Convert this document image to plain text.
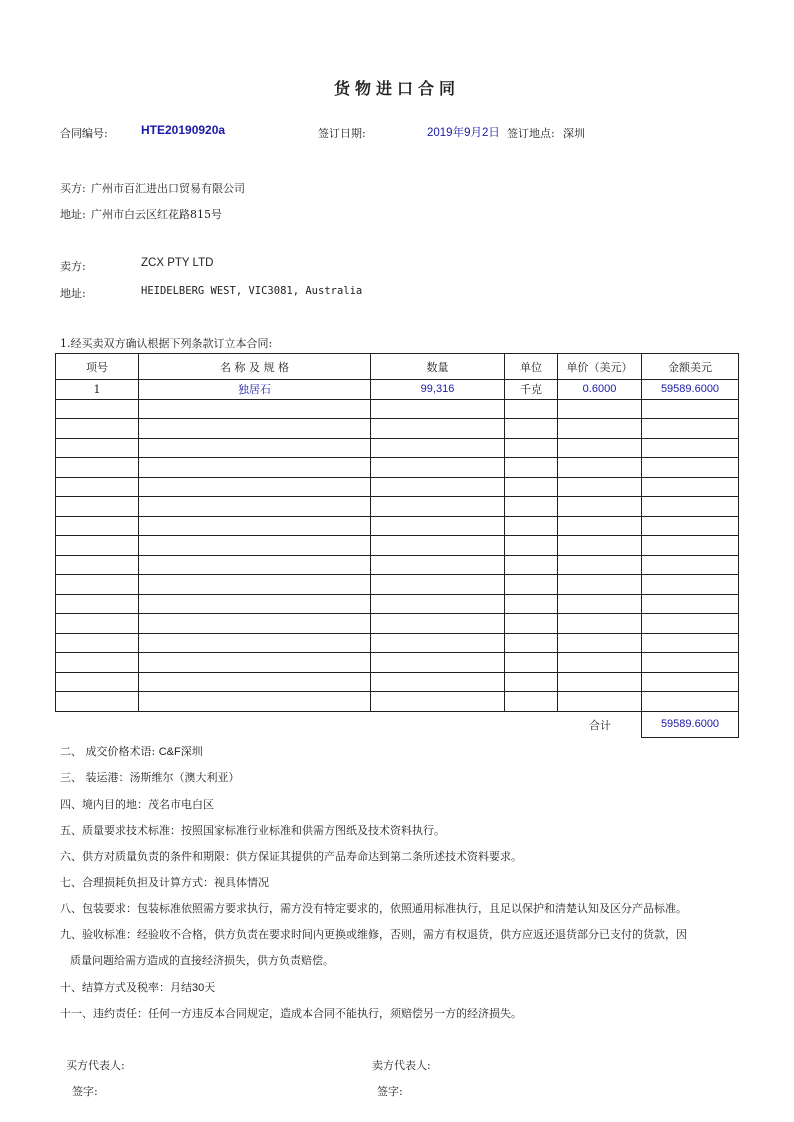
货物进口合同
合同编号:	HTE20190920a	签订日期:	2019年9月2日 签订地点: 深圳
买方: 广州市百汇进出口贸易有限公司
地址: 广州市白云区红花路815号
卖方:	ZCX PTY LTD
地址:	HEIDELBERG WEST, VIC3081, Australia
1.经买卖双方确认根据下列条款订立本合同:
项号	名 称 及 规 格	数量	单位	单价（美元）	金额美元
1	独居石	99,316	千克	0.6000	59589.6000

合计	59589.6000
二、 成交价格术语: C&F深圳
三、 装运港：汤斯维尔（澳大利亚）
四、境内目的地：茂名市电白区
五、质量要求技术标准：按照国家标准行业标准和供需方图纸及技术资料执行。
六、供方对质量负责的条件和期限：供方保证其提供的产品寿命达到第二条所述技术资料要求。
七、合理损耗负担及计算方式：视具体情况
八、包装要求：包装标准依照需方要求执行，需方没有特定要求的，依照通用标准执行，且足以保护和清楚认知及区分产品标准。
九、验收标准：经验收不合格，供方负责在要求时间内更换或维修，否则，需方有权退货，供方应返还退货部分已支付的货款，因
质量问题给需方造成的直接经济损失，供方负责赔偿。
十、结算方式及税率：月结30天
十一、违约责任：任何一方违反本合同规定，造成本合同不能执行，须赔偿另一方的经济损失。
买方代表人:	卖方代表人:
签字:	签字:
